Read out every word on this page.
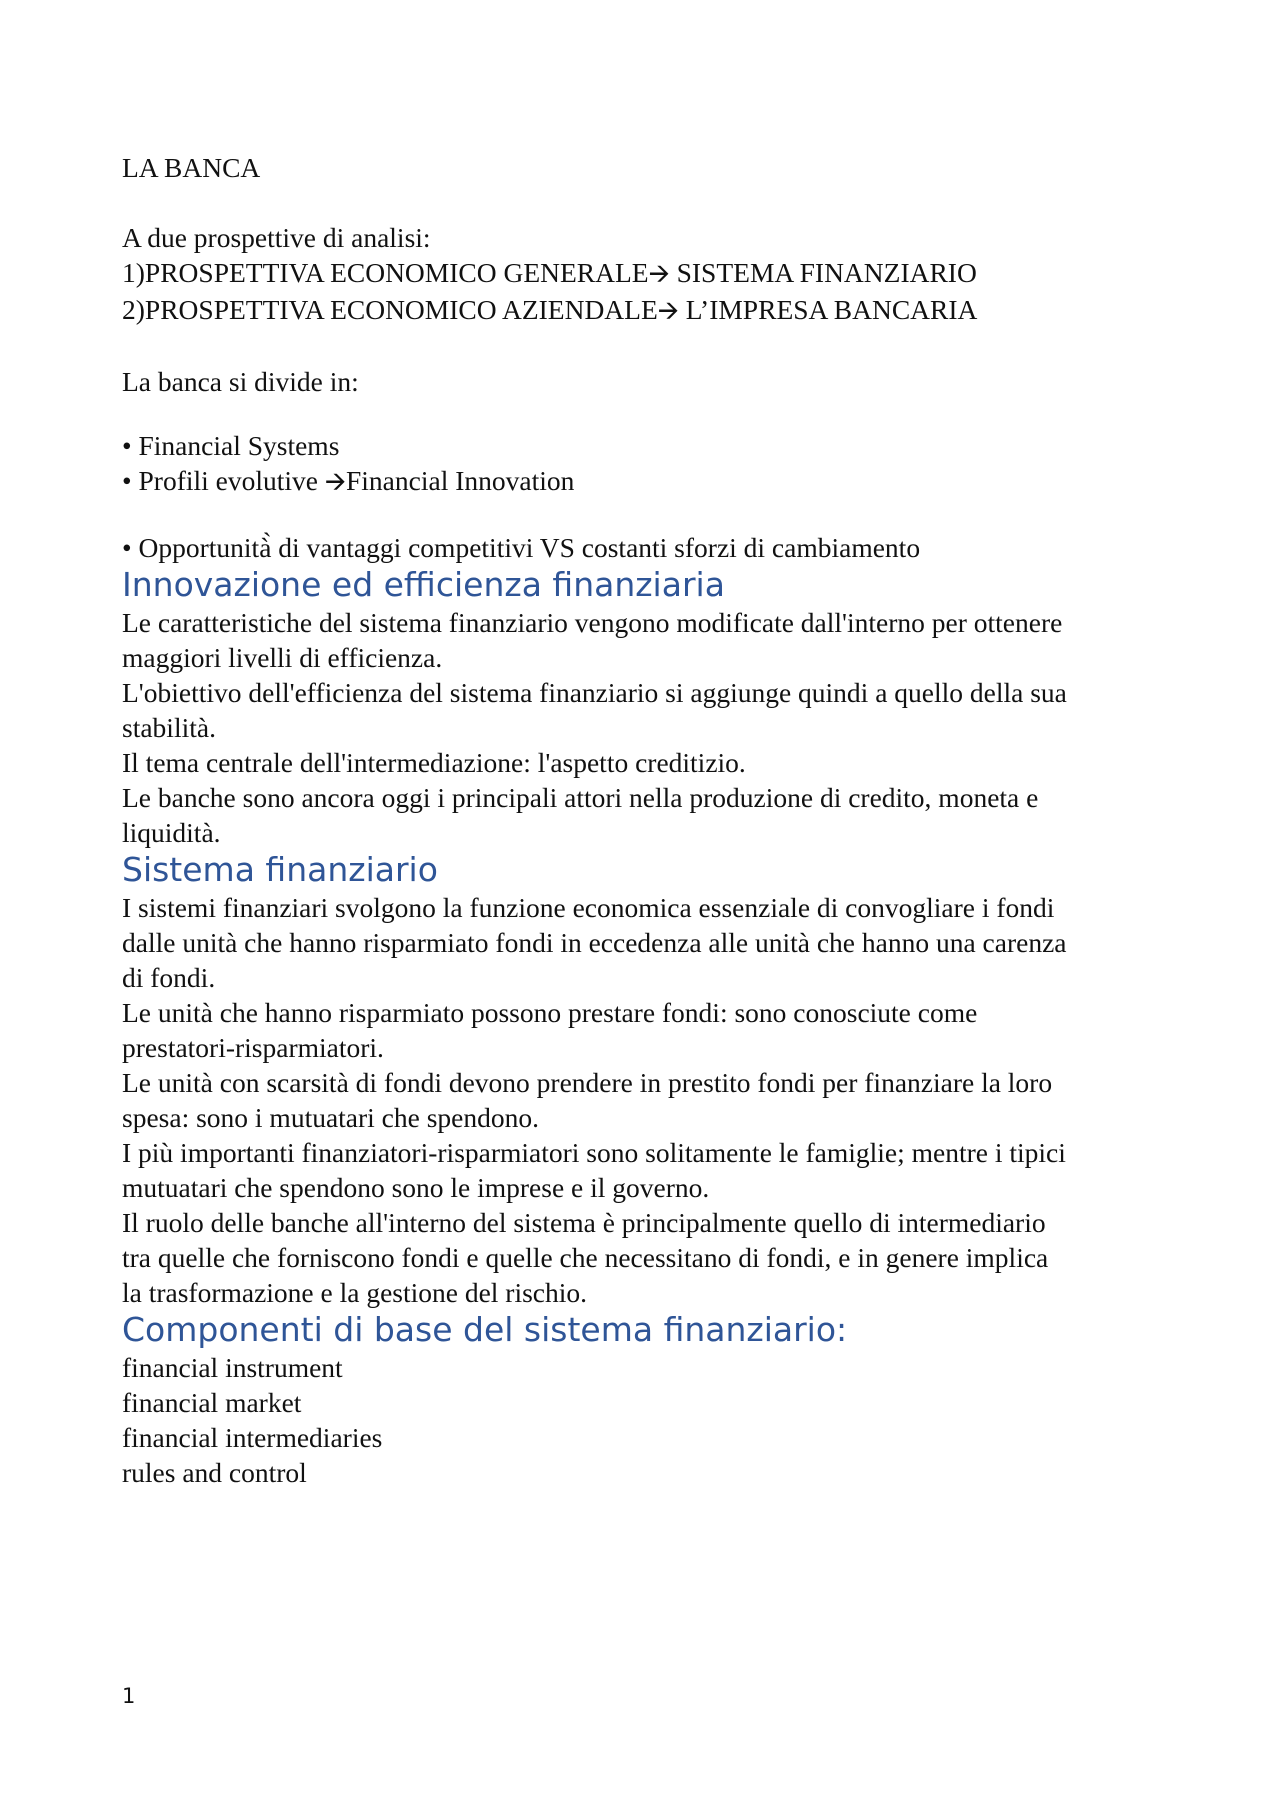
LA BANCA

A due prospettive di analisi:

1)PROSPETTIVA ECONOMICO GENERALE🡪 SISTEMA FINANZIARIO

2)PROSPETTIVA ECONOMICO AZIENDALE🡪 L’IMPRESA BANCARIA

La banca si divide in:

• Financial Systems

• Profili evolutive 🡪Financial Innovation

• Opportunità̀ di vantaggi competitivi VS costanti sforzi di cambiamento

Innovazione ed efficienza finanziaria

Le caratteristiche del sistema finanziario vengono modificate dall'interno per ottenere

maggiori livelli di efficienza.

L'obiettivo dell'efficienza del sistema finanziario si aggiunge quindi a quello della sua

stabilità.

Il tema centrale dell'intermediazione: l'aspetto creditizio.

Le banche sono ancora oggi i principali attori nella produzione di credito, moneta e

liquidità.

Sistema finanziario

I sistemi finanziari svolgono la funzione economica essenziale di convogliare i fondi

dalle unità che hanno risparmiato fondi in eccedenza alle unità che hanno una carenza

di fondi.

Le unità che hanno risparmiato possono prestare fondi: sono conosciute come

prestatori-risparmiatori.

Le unità con scarsità di fondi devono prendere in prestito fondi per finanziare la loro

spesa: sono i mutuatari che spendono.

I più importanti finanziatori-risparmiatori sono solitamente le famiglie; mentre i tipici

mutuatari che spendono sono le imprese e il governo.

Il ruolo delle banche all'interno del sistema è principalmente quello di intermediario

tra quelle che forniscono fondi e quelle che necessitano di fondi, e in genere implica

la trasformazione e la gestione del rischio.

Componenti di base del sistema finanziario:

financial instrument

financial market

financial intermediaries

rules and control

1
